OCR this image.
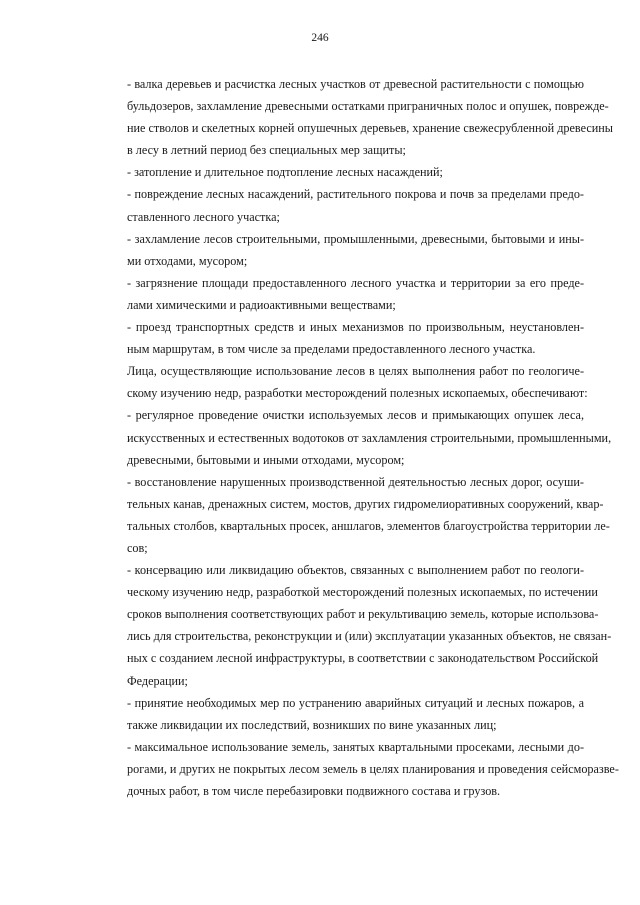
246

- валка деревьев и расчистка лесных участков от древесной растительности с помощью
бульдозеров, захламление древесными остатками приграничных полос и опушек, поврежде-
ние стволов и скелетных корней опушечных деревьев, хранение свежесрубленной древесины
в лесу в летний период без специальных мер защиты;

- затопление и длительное подтопление лесных насаждений;

- повреждение лесных насаждений, растительного покрова и почв за пределами предо-
ставленного лесного участка;

- захламление лесов строительными, промышленными, древесными, бытовыми и ины-
ми отходами, мусором;

- загрязнение площади предоставленного лесного участка и территории за его преде-
лами химическими и радиоактивными веществами;

- проезд транспортных средств и иных механизмов по произвольным, неустановлен-
ным маршрутам, в том числе за пределами предоставленного лесного участка.

Лица, осуществляющие использование лесов в целях выполнения работ по геологиче-
скому изучению недр, разработки месторождений полезных ископаемых, обеспечивают:

- регулярное проведение очистки используемых лесов и примыкающих опушек леса,
искусственных и естественных водотоков от захламления строительными, промышленными,
древесными, бытовыми и иными отходами, мусором;

- восстановление нарушенных производственной деятельностью лесных дорог, осуши-
тельных канав, дренажных систем, мостов, других гидромелиоративных сооружений, квар-
тальных столбов, квартальных просек, аншлагов, элементов благоустройства территории ле-
сов;

- консервацию или ликвидацию объектов, связанных с выполнением работ по геологи-
ческому изучению недр, разработкой месторождений полезных ископаемых, по истечении
сроков выполнения соответствующих работ и рекультивацию земель, которые использова-
лись для строительства, реконструкции и (или) эксплуатации указанных объектов, не связан-
ных с созданием лесной инфраструктуры, в соответствии с законодательством Российской
Федерации;

- принятие необходимых мер по устранению аварийных ситуаций и лесных пожаров, а
также ликвидации их последствий, возникших по вине указанных лиц;

- максимальное использование земель, занятых квартальными просеками, лесными до-
рогами, и других не покрытых лесом земель в целях планирования и проведения сейсморазве-
дочных работ, в том числе перебазировки подвижного состава и грузов.
